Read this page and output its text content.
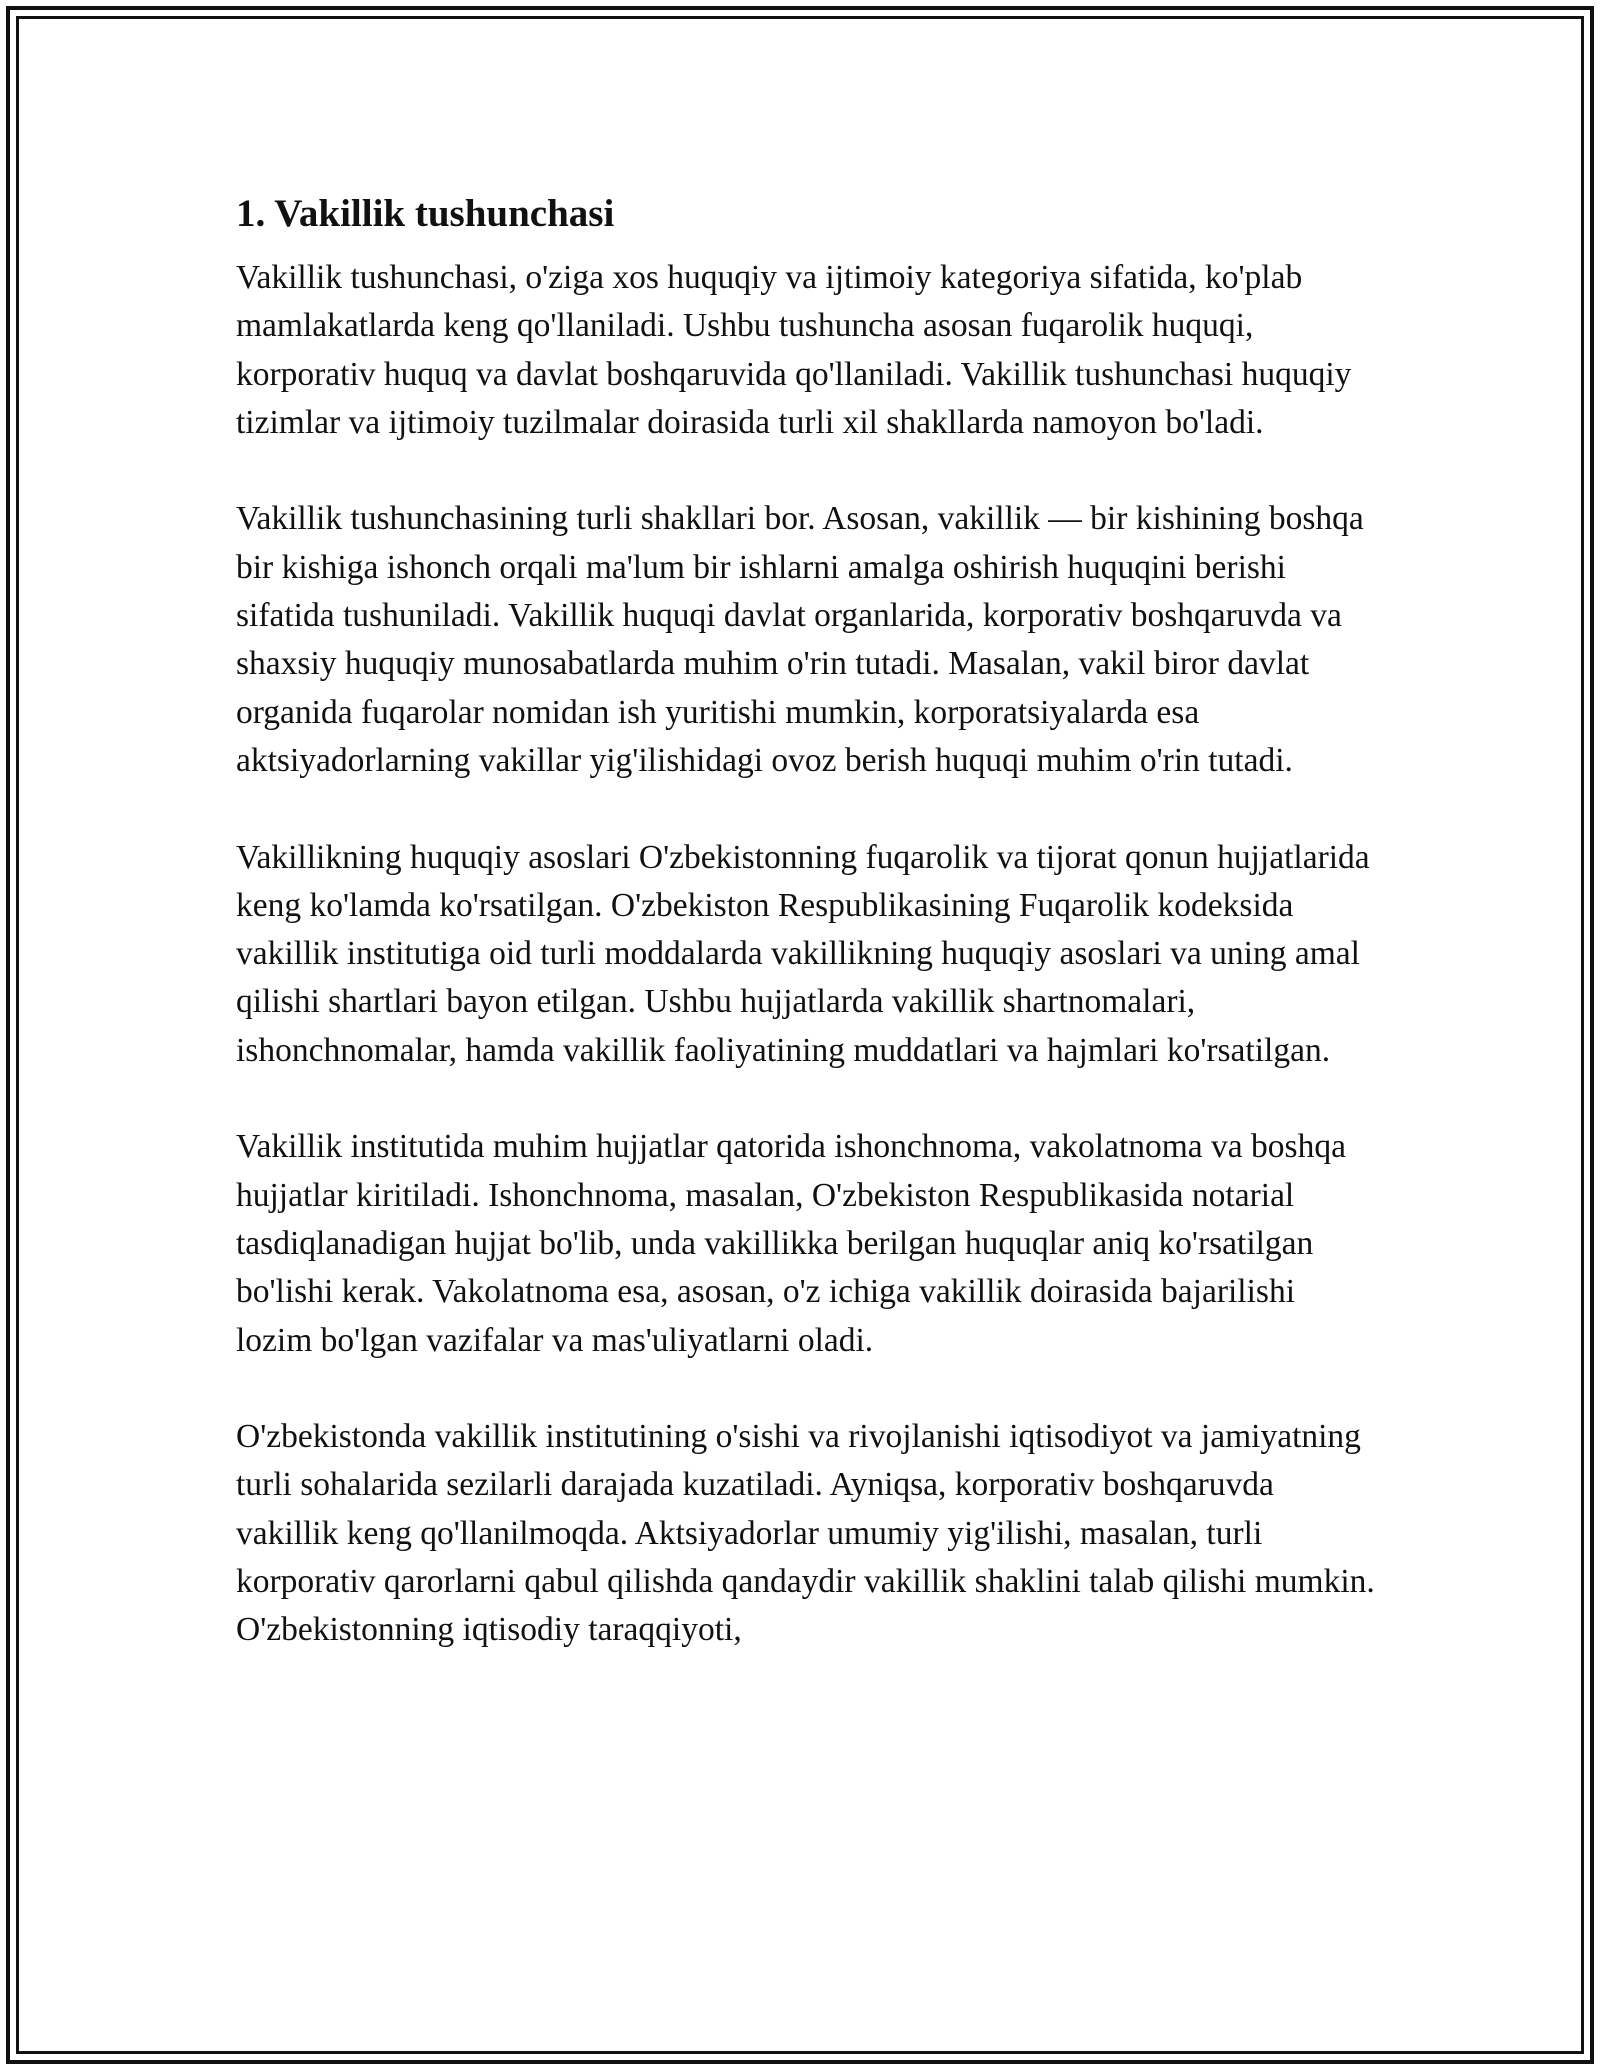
1. Vakillik tushunchasi

Vakillik tushunchasi, o'ziga xos huquqiy va ijtimoiy kategoriya sifatida, ko'plab mamlakatlarda keng qo'llaniladi. Ushbu tushuncha asosan fuqarolik huquqi, korporativ huquq va davlat boshqaruvida qo'llaniladi. Vakillik tushunchasi huquqiy tizimlar va ijtimoiy tuzilmalar doirasida turli xil shakllarda namoyon bo'ladi.

Vakillik tushunchasining turli shakllari bor. Asosan, vakillik — bir kishining boshqa bir kishiga ishonch orqali ma'lum bir ishlarni amalga oshirish huquqini berishi sifatida tushuniladi. Vakillik huquqi davlat organlarida, korporativ boshqaruvda va shaxsiy huquqiy munosabatlarda muhim o'rin tutadi. Masalan, vakil biror davlat organida fuqarolar nomidan ish yuritishi mumkin, korporatsiyalarda esa aktsiyadorlarning vakillar yig'ilishidagi ovoz berish huquqi muhim o'rin tutadi.

Vakillikning huquqiy asoslari O'zbekistonning fuqarolik va tijorat qonun hujjatlarida keng ko'lamda ko'rsatilgan. O'zbekiston Respublikasining Fuqarolik kodeksida vakillik institutiga oid turli moddalarda vakillikning huquqiy asoslari va uning amal qilishi shartlari bayon etilgan. Ushbu hujjatlarda vakillik shartnomalari, ishonchnomalar, hamda vakillik faoliyatining muddatlari va hajmlari ko'rsatilgan.

Vakillik institutida muhim hujjatlar qatorida ishonchnoma, vakolatnoma va boshqa hujjatlar kiritiladi. Ishonchnoma, masalan, O'zbekiston Respublikasida notarial tasdiqlanadigan hujjat bo'lib, unda vakillikka berilgan huquqlar aniq ko'rsatilgan bo'lishi kerak. Vakolatnoma esa, asosan, o'z ichiga vakillik doirasida bajarilishi lozim bo'lgan vazifalar va mas'uliyatlarni oladi.

O'zbekistonda vakillik institutining o'sishi va rivojlanishi iqtisodiyot va jamiyatning turli sohalarida sezilarli darajada kuzatiladi. Ayniqsa, korporativ boshqaruvda vakillik keng qo'llanilmoqda. Aktsiyadorlar umumiy yig'ilishi, masalan, turli korporativ qarorlarni qabul qilishda qandaydir vakillik shaklini talab qilishi mumkin. O'zbekistonning iqtisodiy taraqqiyoti,
